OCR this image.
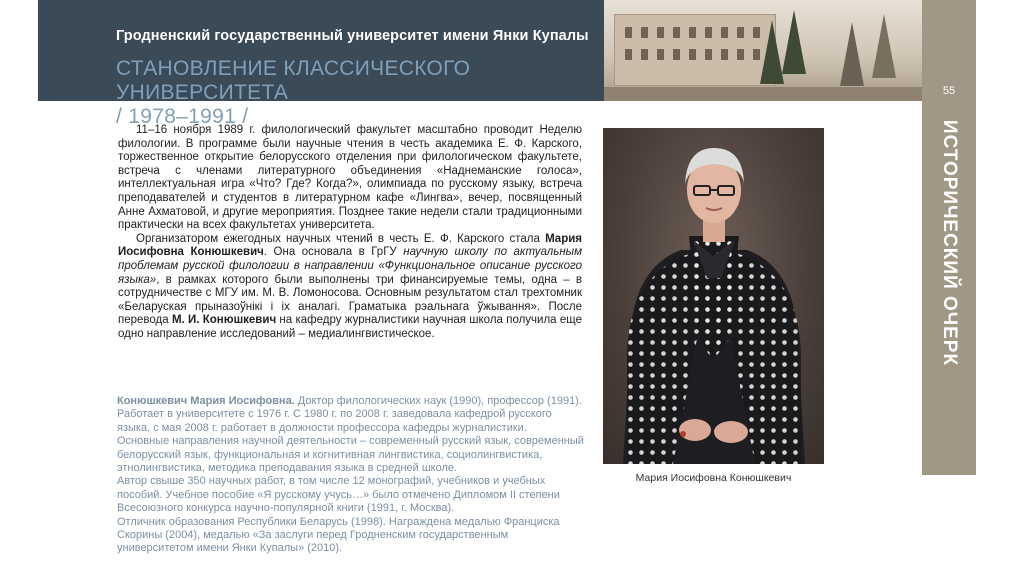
Гродненский государственный университет имени Янки Купалы
СТАНОВЛЕНИЕ КЛАССИЧЕСКОГО УНИВЕРСИТЕТА
/ 1978–1991 /
55
ИСТОРИЧЕСКИЙ ОЧЕРК

11–16 ноября 1989 г. филологический факультет масштабно проводит Неделю филологии. В программе были научные чтения в честь академика Е. Ф. Карского, торжественное открытие белорусского отделения при филологическом факультете, встреча с членами литературного объединения «Наднеманские голоса», интеллектуальная игра «Что? Где? Когда?», олимпиада по русскому языку, встреча преподавателей и студентов в литературном кафе «Лингва», вечер, посвященный Анне Ахматовой, и другие мероприятия. Позднее такие недели стали традиционными практически на всех факультетах университета.

Организатором ежегодных научных чтений в честь Е. Ф. Карского стала Мария Иосифовна Конюшкевич. Она основала в ГрГУ научную школу по актуальным проблемам русской филологии в направлении «Функциональное описание русского языка», в рамках которого были выполнены три финансируемые темы, одна – в сотрудничестве с МГУ им. М. В. Ломоносова. Основным результатом стал трехтомник «Беларуская прыназоўнікі і іх аналагі. Граматыка рэальнага ўжывання». После перевода М. И. Конюшкевич на кафедру журналистики научная школа получила еще одно направление исследований – медиалингвистическое.

Конюшкевич Мария Иосифовна. Доктор филологических наук (1990), профессор (1991). Работает в университете с 1976 г. С 1980 г. по 2008 г. заведовала кафедрой русского языка, с мая 2008 г. работает в должности профессора кафедры журналистики.

Основные направления научной деятельности – современный русский язык, современный белорусский язык, функциональная и когнитивная лингвистика, социолингвистика, этнолингвистика, методика преподавания языка в средней школе.

Автор свыше 350 научных работ, в том числе 12 монографий, учебников и учебных пособий. Учебное пособие «Я русскому учусь…» было отмечено Дипломом II степени Всесоюзного конкурса научно-популярной книги (1991, г. Москва).

Отличник образования Республики Беларусь (1998). Награждена медалью Франциска Скорины (2004), медалью «За заслуги перед Гродненским государственным университетом имени Янки Купалы» (2010).

Мария Иосифовна Конюшкевич
